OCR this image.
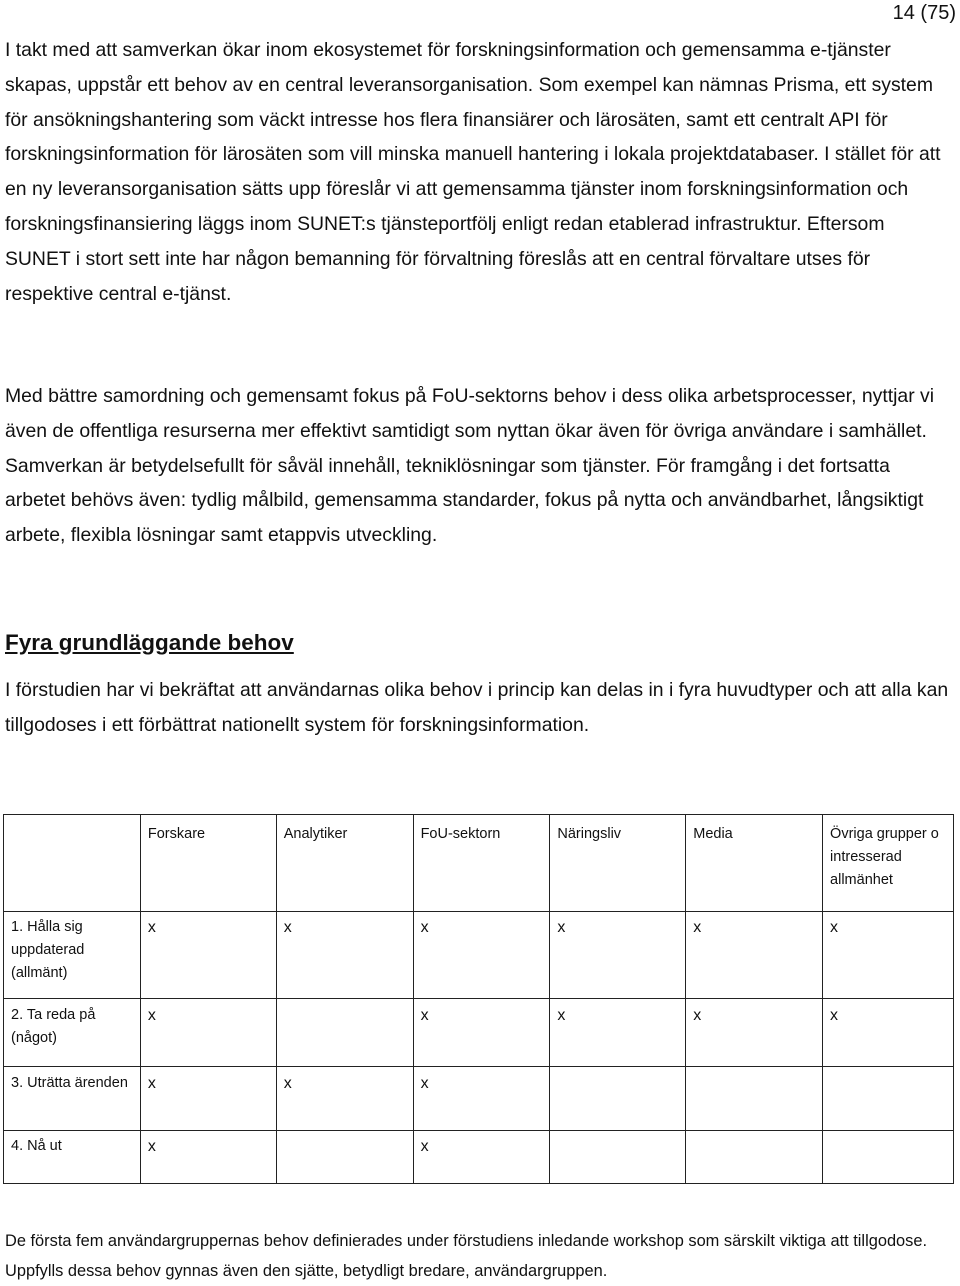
14 (75)

I takt med att samverkan ökar inom ekosystemet för forskningsinformation och gemensamma e-tjänster skapas, uppstår ett behov av en central leveransorganisation. Som exempel kan nämnas Prisma, ett system för ansökningshantering som väckt intresse hos flera finansiärer och lärosäten, samt ett centralt API för forskningsinformation för lärosäten som vill minska manuell hantering i lokala projektdatabaser. I stället för att en ny leveransorganisation sätts upp föreslår vi att gemensamma tjänster inom forskningsinformation och forskningsfinansiering läggs inom SUNET:s tjänsteportfölj enligt redan etablerad infrastruktur. Eftersom SUNET i stort sett inte har någon bemanning för förvaltning föreslås att en central förvaltare utses för respektive central e-tjänst.

Med bättre samordning och gemensamt fokus på FoU-sektorns behov i dess olika arbetsprocesser, nyttjar vi även de offentliga resurserna mer effektivt samtidigt som nyttan ökar även för övriga användare i samhället. Samverkan är betydelsefullt för såväl innehåll, tekniklösningar som tjänster. För framgång i det fortsatta arbetet behövs även: tydlig målbild, gemensamma standarder, fokus på nytta och användbarhet, långsiktigt arbete, flexibla lösningar samt etappvis utveckling.

Fyra grundläggande behov

I förstudien har vi bekräftat att användarnas olika behov i princip kan delas in i fyra huvudtyper och att alla kan tillgodoses i ett förbättrat nationellt system för forskningsinformation.

	Forskare	Analytiker	FoU-sektorn	Näringsliv	Media	Övriga grupper o intresserad allmänhet
1. Hålla sig uppdaterad (allmänt)	x	x	x	x	x	x
2. Ta reda på (något)	x		x	x	x	x
3. Uträtta ärenden	x	x	x			
4. Nå ut	x		x			

De första fem användargruppernas behov definierades under förstudiens inledande workshop som särskilt viktiga att tillgodose. Uppfylls dessa behov gynnas även den sjätte, betydligt bredare, användargruppen.
